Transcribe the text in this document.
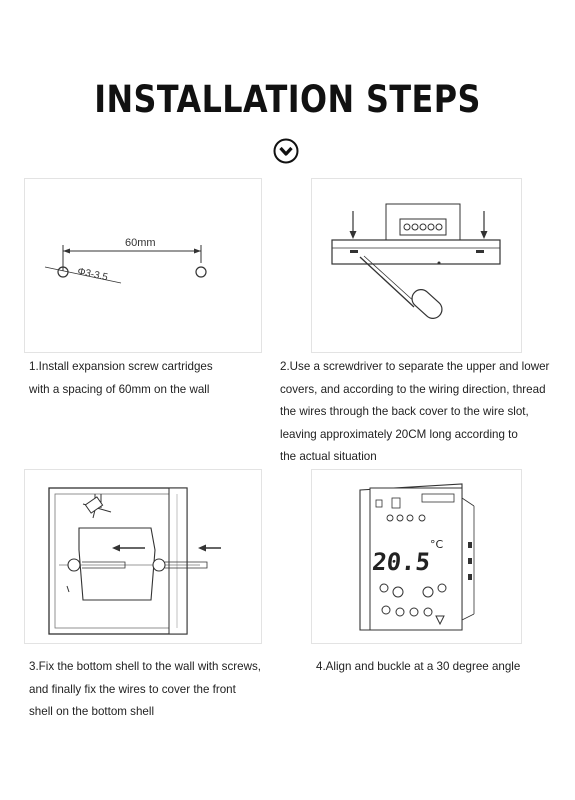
INSTALLATION STEPS
60mm
Φ3-3.5
1.Install expansion screw cartridges
with a spacing of 60mm on the wall
2.Use a screwdriver to separate the upper and lower
covers, and according to the wiring direction, thread
the wires through the back cover to the wire slot,
leaving approximately 20CM long according to
the actual situation
3.Fix the bottom shell to the wall with screws,
and finally fix the wires to cover the front
shell on the bottom shell
20.5
°C
4.Align and buckle at a 30 degree angle
